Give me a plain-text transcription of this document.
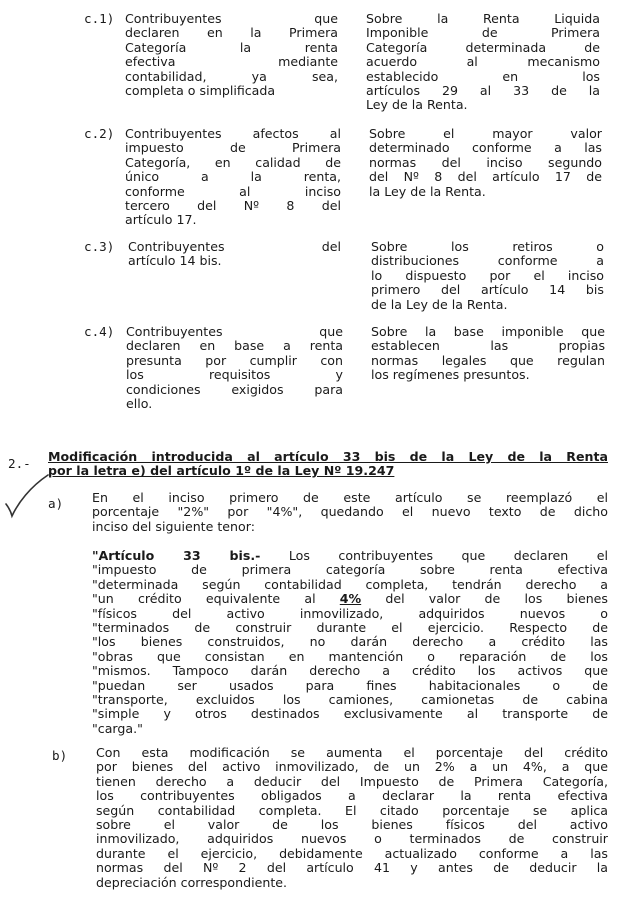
c.1) Contribuyentes que
declaren en la Primera
Categoría la renta
efectiva mediante
contabilidad, ya sea,
completa o simplificada
Sobre la Renta Liquida
Imponible de Primera
Categoría determinada de
acuerdo al mecanismo
establecido en los
artículos 29 al 33 de la
Ley de la Renta.
c.2) Contribuyentes afectos al
impuesto de Primera
Categoría, en calidad de
único a la renta,
conforme al inciso
tercero del Nº 8 del
artículo 17.
Sobre el mayor valor
determinado conforme a las
normas del inciso segundo
del Nº 8 del artículo 17 de
la Ley de la Renta.
c.3) Contribuyentes del
artículo 14 bis.
Sobre los retiros o
distribuciones conforme a
lo dispuesto por el inciso
primero del artículo 14 bis
de la Ley de la Renta.
c.4) Contribuyentes que
declaren en base a renta
presunta por cumplir con
los requisitos y
condiciones exigidos para
ello.
Sobre la base imponible que
establecen las propias
normas legales que regulan
los regímenes presuntos.
2.- Modificación introducida al artículo 33 bis de la Ley de la Renta
por la letra e) del artículo 1º de la Ley Nº 19.247
a) En el inciso primero de este artículo se reemplazó el
porcentaje "2%" por "4%", quedando el nuevo texto de dicho
inciso del siguiente tenor:
"Artículo 33 bis.- Los contribuyentes que declaren el
"impuesto de primera categoría sobre renta efectiva
"determinada según contabilidad completa, tendrán derecho a
"un crédito equivalente al 4% del valor de los bienes
"físicos del activo inmovilizado, adquiridos nuevos o
"terminados de construir durante el ejercicio. Respecto de
"los bienes construidos, no darán derecho a crédito las
"obras que consistan en mantención o reparación de los
"mismos. Tampoco darán derecho a crédito los activos que
"puedan ser usados para fines habitacionales o de
"transporte, excluidos los camiones, camionetas de cabina
"simple y otros destinados exclusivamente al transporte de
"carga."
b) Con esta modificación se aumenta el porcentaje del crédito
por bienes del activo inmovilizado, de un 2% a un 4%, a que
tienen derecho a deducir del Impuesto de Primera Categoría,
los contribuyentes obligados a declarar la renta efectiva
según contabilidad completa. El citado porcentaje se aplica
sobre el valor de los bienes físicos del activo
inmovilizado, adquiridos nuevos o terminados de construir
durante el ejercicio, debidamente actualizado conforme a las
normas del Nº 2 del artículo 41 y antes de deducir la
depreciación correspondiente.
